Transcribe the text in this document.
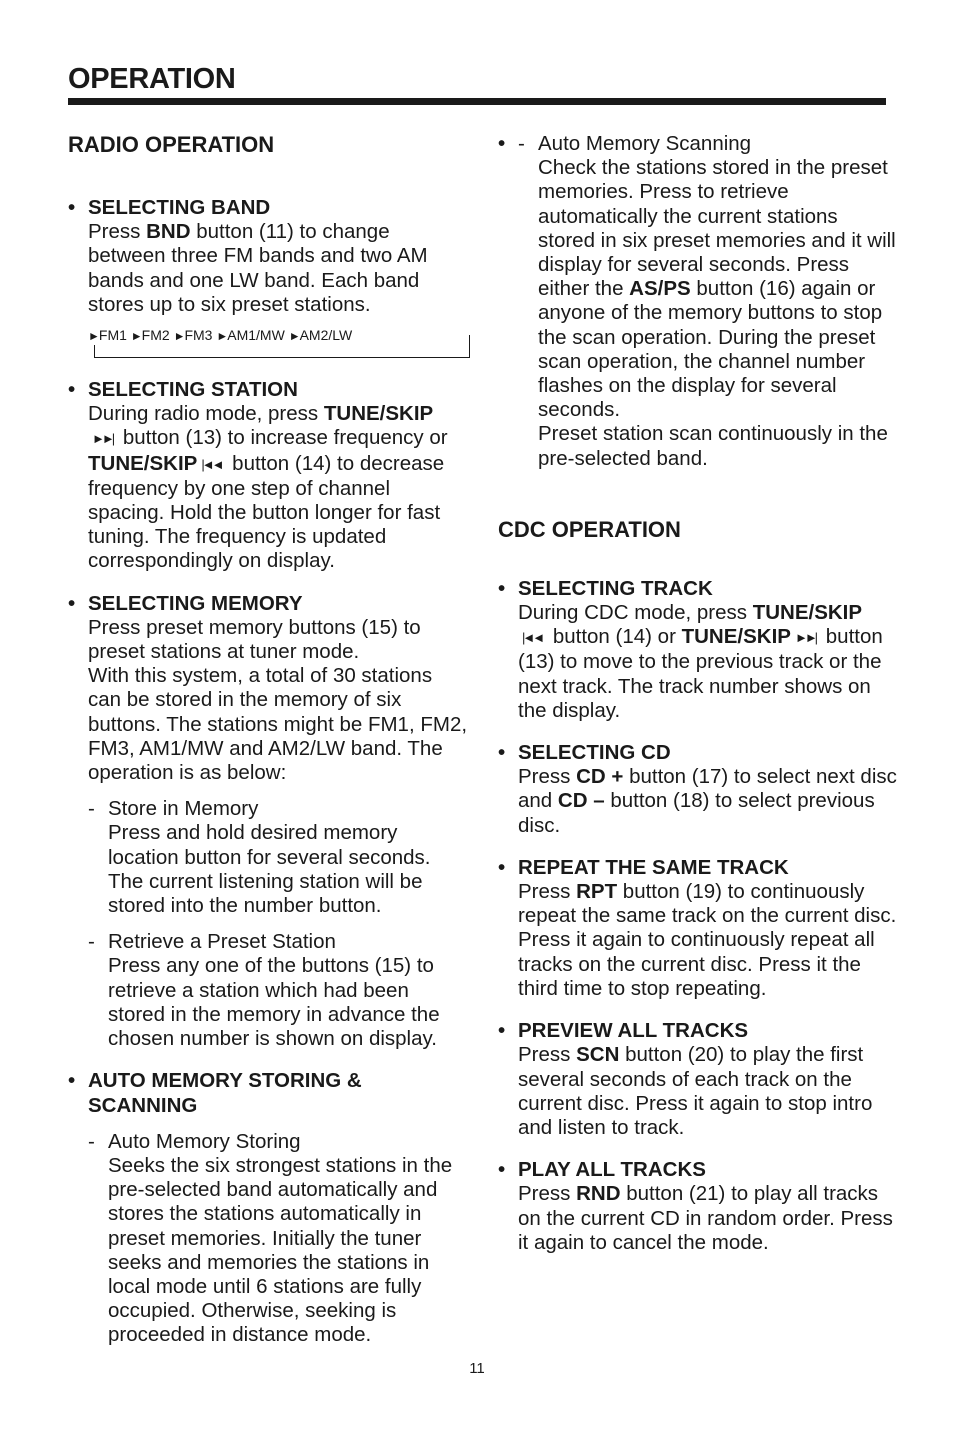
OPERATION
RADIO OPERATION
• SELECTING BAND

Press BND button (11) to change between three FM bands and two AM bands and one LW band. Each band stores up to six preset stations.

►FM1 ►FM2 ►FM3 ►AM1/MW ►AM2/LW
• SELECTING STATION

During radio mode, press TUNE/SKIP
►►| button (13) to increase frequency or TUNE/SKIP |◄◄ button (14) to decrease frequency by one step of channel spacing. Hold the button longer for fast tuning. The frequency is updated correspondingly on display.

• SELECTING MEMORY

Press preset memory buttons (15) to preset stations at tuner mode.

With this system, a total of 30 stations can be stored in the memory of six buttons. The stations might be FM1, FM2, FM3, AM1/MW and AM2/LW band. The operation is as below:

- Store in Memory

Press and hold desired memory location button for several seconds. The current listening station will be stored into the number button.

- Retrieve a Preset Station

Press any one of the buttons (15) to retrieve a station which had been stored in the memory in advance the chosen number is shown on display.

• AUTO MEMORY STORING & SCANNING
- Auto Memory Storing

Seeks the six strongest stations in the pre-selected band automatically and stores the stations automatically in preset memories. Initially the tuner seeks and memories the stations in local mode until 6 stations are fully occupied. Otherwise, seeking is proceeded in distance mode.

- • Auto Memory Scanning

Check the stations stored in the preset memories. Press to retrieve automatically the current stations stored in six preset memories and it will display for several seconds. Press either the AS/PS button (16) again or anyone of the memory buttons to stop the scan operation. During the preset scan operation, the channel number flashes on the display for several seconds.

Preset station scan continuously in the pre-selected band.

CDC OPERATION
• SELECTING TRACK

During CDC mode, press TUNE/SKIP
|◄◄ button (14) or TUNE/SKIP ►►| button (13) to move to the previous track or the next track. The track number shows on the display.

• SELECTING CD

Press CD + button (17) to select next disc and CD – button (18) to select previous disc.

• REPEAT THE SAME TRACK

Press RPT button (19) to continuously repeat the same track on the current disc. Press it again to continuously repeat all tracks on the current disc. Press it the third time to stop repeating.

• PREVIEW ALL TRACKS

Press SCN button (20) to play the first several seconds of each track on the current disc. Press it again to stop intro and listen to track.

• PLAY ALL TRACKS

Press RND button (21) to play all tracks on the current CD in random order. Press it again to cancel the mode.

11
